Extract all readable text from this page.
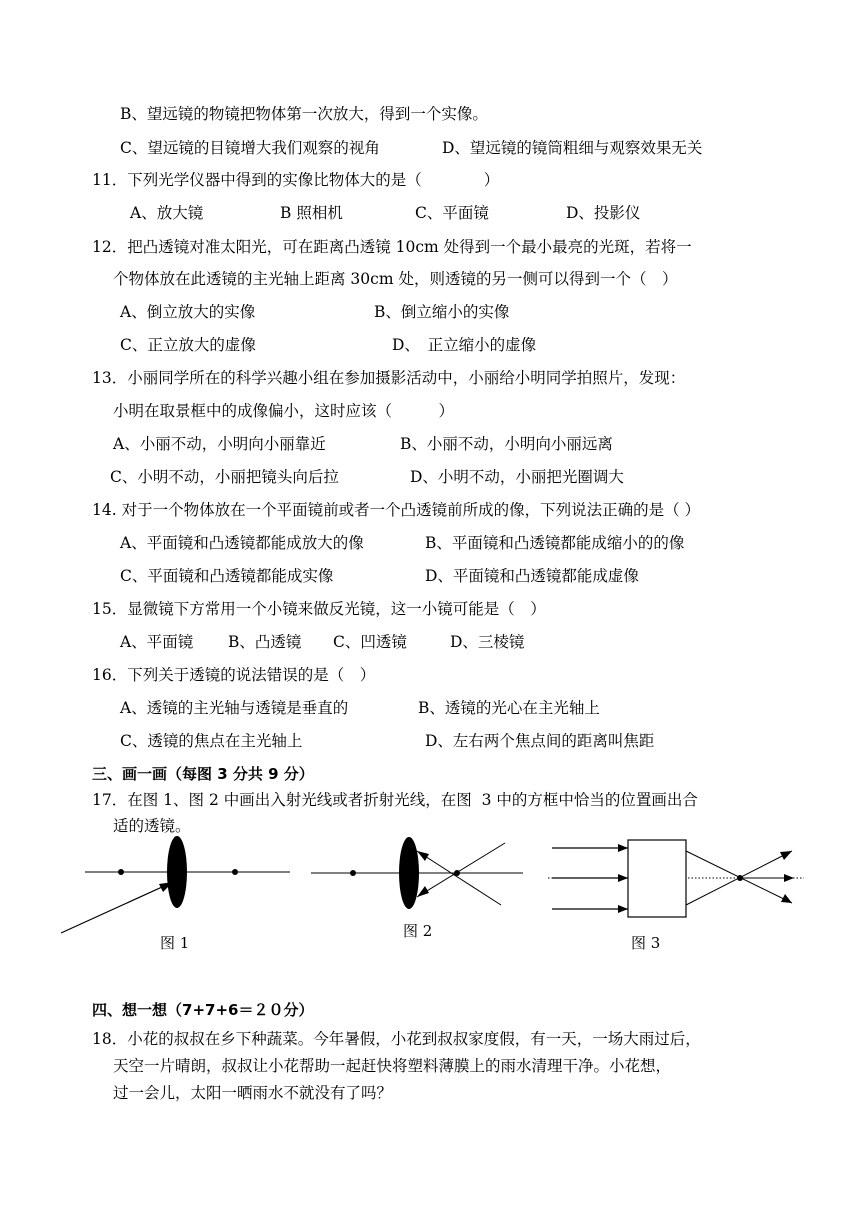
B、望远镜的物镜把物体第一次放大，得到一个实像。
C、望远镜的目镜增大我们观察的视角	D、望远镜的镜筒粗细与观察效果无关
11．下列光学仪器中得到的实像比物体大的是（　　　　）
A、放大镜	B 照相机	C、平面镜	D、投影仪
12．把凸透镜对准太阳光，可在距离凸透镜 10cm 处得到一个最小最亮的光斑，若将一
个物体放在此透镜的主光轴上距离 30cm 处，则透镜的另一侧可以得到一个（　）
A、倒立放大的实像	B、倒立缩小的实像
C、正立放大的虚像	D、　正立缩小的虚像
13．小丽同学所在的科学兴趣小组在参加摄影活动中，小丽给小明同学拍照片，发现：
小明在取景框中的成像偏小，这时应该（　　　）
A、小丽不动，小明向小丽靠近	B、小丽不动，小明向小丽远离
C、小明不动，小丽把镜头向后拉	D、小明不动，小丽把光圈调大
14. 对于一个物体放在一个平面镜前或者一个凸透镜前所成的像，下列说法正确的是（ ）
A、平面镜和凸透镜都能成放大的像	B、平面镜和凸透镜都能成缩小的的像
C、平面镜和凸透镜都能成实像	D、平面镜和凸透镜都能成虚像
15．显微镜下方常用一个小镜来做反光镜，这一小镜可能是（　）
A、平面镜 B、凸透镜 C、凹透镜	D、三棱镜
16．下列关于透镜的说法错误的是（　）
A、透镜的主光轴与透镜是垂直的	B、透镜的光心在主光轴上
C、透镜的焦点在主光轴上	D、左右两个焦点间的距离叫焦距
三、画一画（每图 3 分共 9 分）
17．在图 1、图 2 中画出入射光线或者折射光线，在图  3 中的方框中恰当的位置画出合
适的透镜。
图 1
图 2
图 3
四、想一想（7+7+6＝２０分）
18．小花的叔叔在乡下种蔬菜。今年暑假，小花到叔叔家度假，有一天，一场大雨过后，
天空一片晴朗，叔叔让小花帮助一起赶快将塑料薄膜上的雨水清理干净。小花想，
过一会儿，太阳一晒雨水不就没有了吗？
